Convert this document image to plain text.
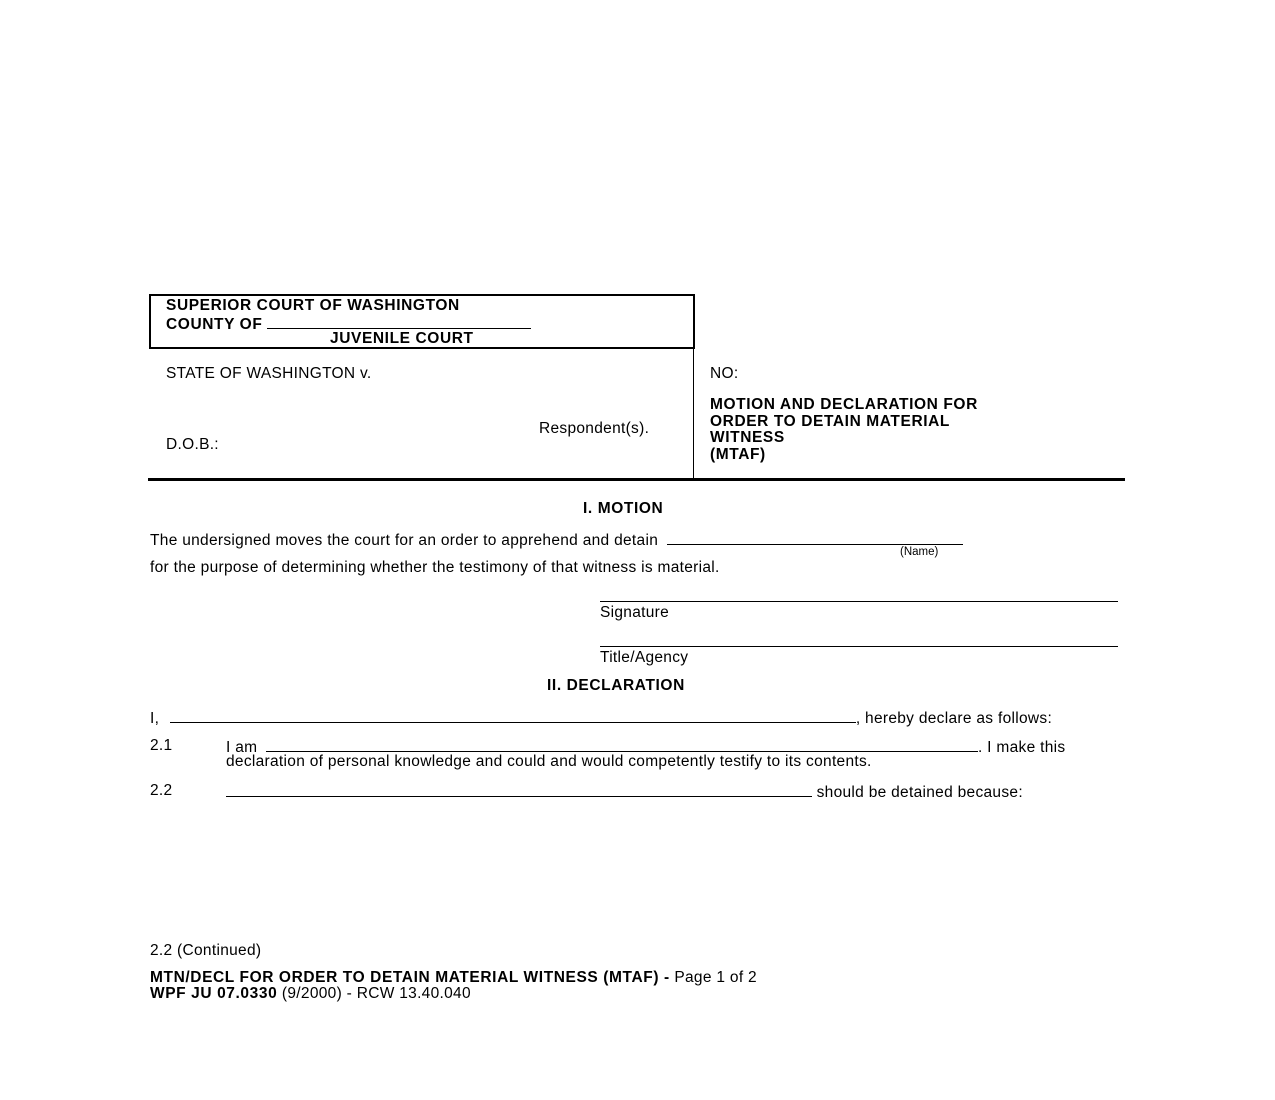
SUPERIOR COURT OF WASHINGTON
COUNTY OF
JUVENILE COURT
STATE OF WASHINGTON v.
Respondent(s).
D.O.B.:
NO:
MOTION AND DECLARATION FOR
ORDER TO DETAIN MATERIAL
WITNESS
(MTAF)
I. MOTION
The undersigned moves the court for an order to apprehend and detain
(Name)
for the purpose of determining whether the testimony of that witness is material.
Signature
Title/Agency
II. DECLARATION
I,	, hereby declare as follows:
2.1	I am	. I make this
declaration of personal knowledge and could and would competently testify to its contents.
2.2	should be detained because:
2.2 (Continued)
MTN/DECL FOR ORDER TO DETAIN MATERIAL WITNESS (MTAF) - Page 1 of 2
WPF JU 07.0330 (9/2000) - RCW 13.40.040
